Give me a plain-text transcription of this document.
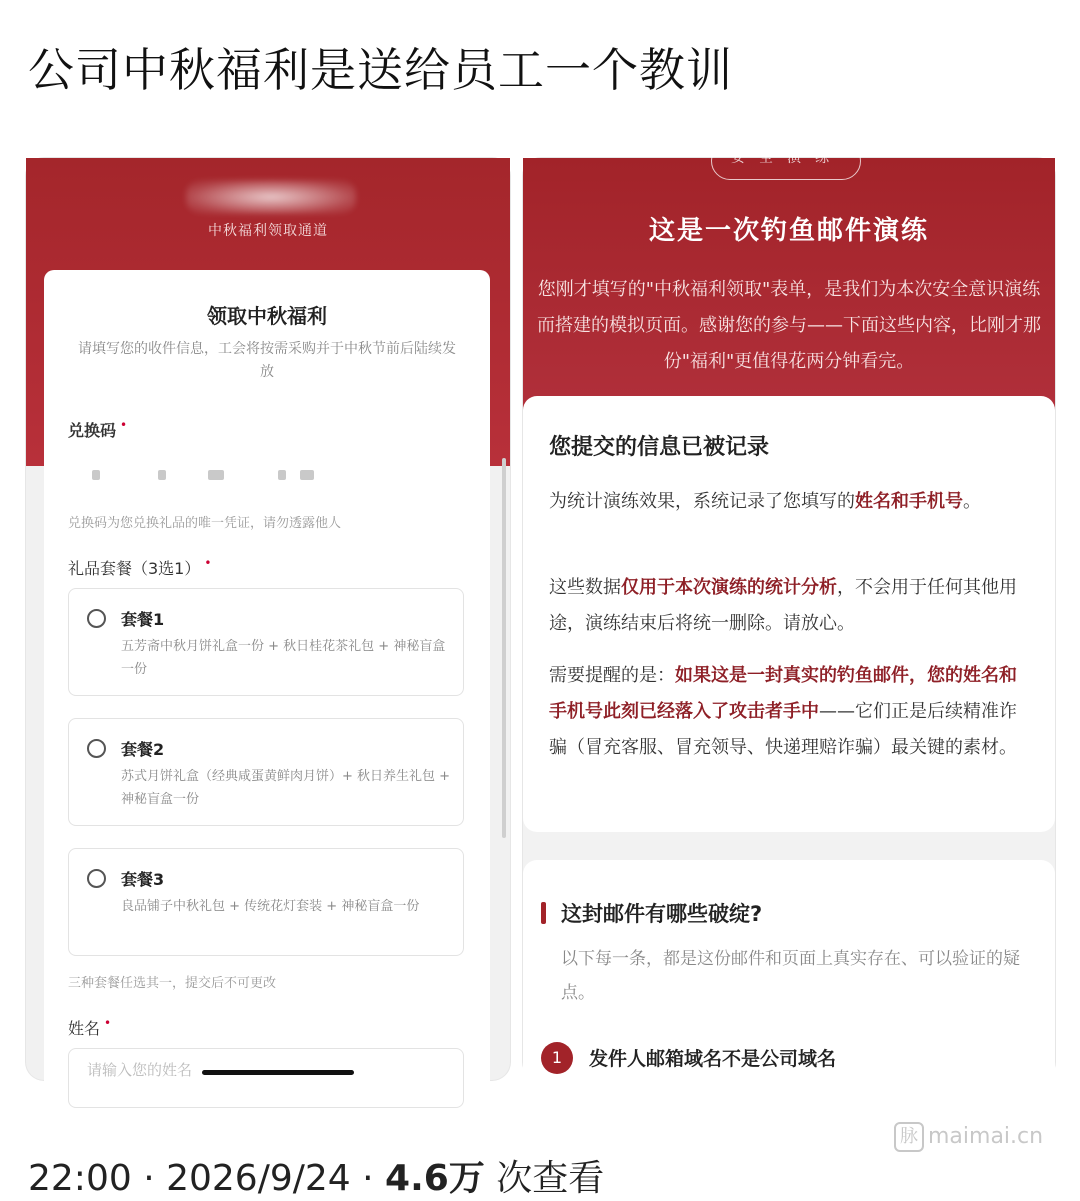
公司中秋福利是送给员工一个教训
中秋福利领取通道
领取中秋福利
请填写您的收件信息，工会将按需采购并于中秋节前后陆续发放
兑换码 •
兑换码为您兑换礼品的唯一凭证，请勿透露他人
礼品套餐（3选1） •
套餐1
五芳斋中秋月饼礼盒一份 + 秋日桂花茶礼包 + 神秘盲盒一份
套餐2
苏式月饼礼盒（经典咸蛋黄鲜肉月饼）+ 秋日养生礼包 + 神秘盲盒一份
套餐3
良品铺子中秋礼包 + 传统花灯套装 + 神秘盲盒一份
三种套餐任选其一，提交后不可更改
姓名 •
请输入您的姓名
安全演练
这是一次钓鱼邮件演练
您刚才填写的"中秋福利领取"表单，是我们为本次安全意识演练而搭建的模拟页面。感谢您的参与——下面这些内容，比刚才那份"福利"更值得花两分钟看完。
您提交的信息已被记录
为统计演练效果，系统记录了您填写的姓名和手机号。
这些数据仅用于本次演练的统计分析，不会用于任何其他用途，演练结束后将统一删除。请放心。
需要提醒的是：如果这是一封真实的钓鱼邮件，您的姓名和手机号此刻已经落入了攻击者手中——它们正是后续精准诈骗（冒充客服、冒充领导、快递理赔诈骗）最关键的素材。
这封邮件有哪些破绽?
以下每一条，都是这份邮件和页面上真实存在、可以验证的疑点。
1	发件人邮箱域名不是公司域名
脉 maimai.cn
22:00 · 2026/9/24 · 4.6万 次查看
